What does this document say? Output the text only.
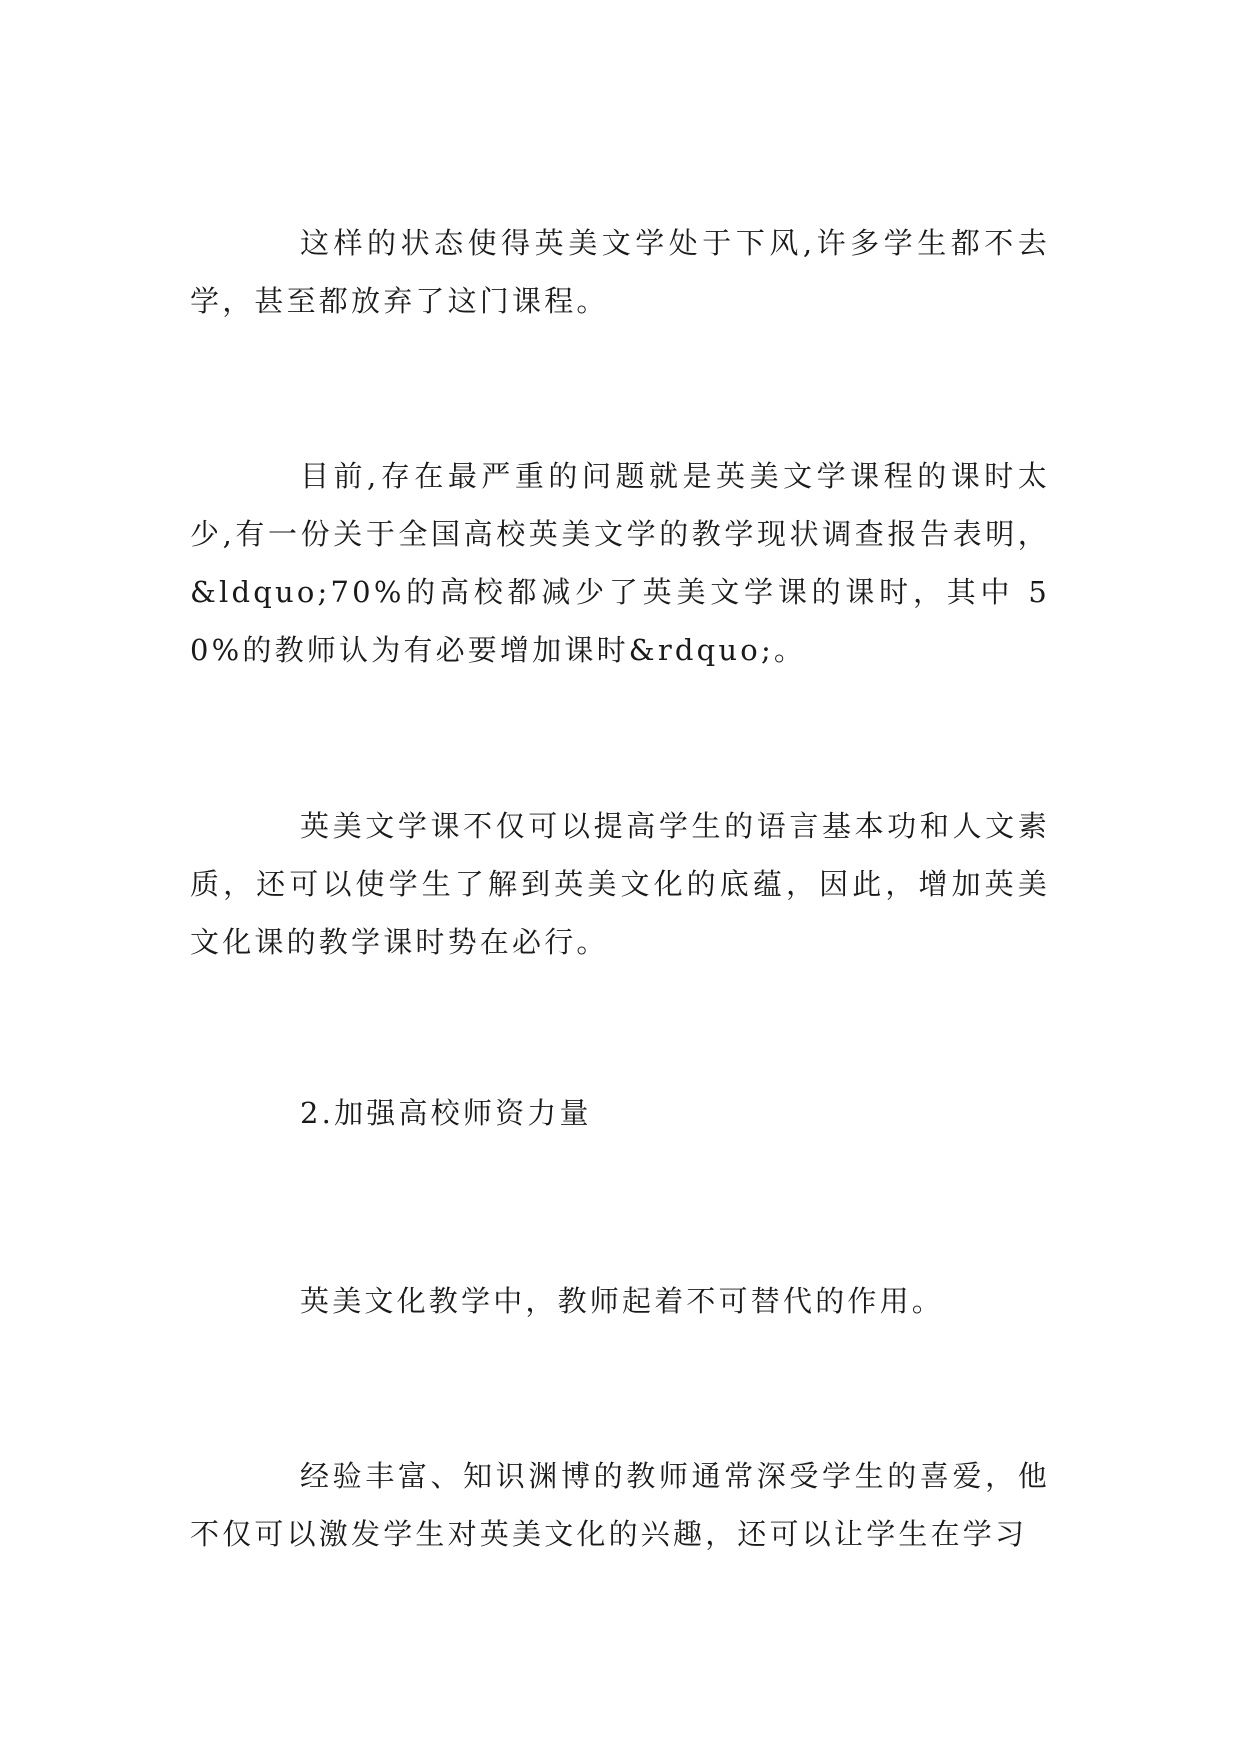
这样的状态使得英美文学处于下风,许多学生都不去学，甚至都放弃了这门课程。

目前,存在最严重的问题就是英美文学课程的课时太少,有一份关于全国高校英美文学的教学现状调查报告表明，&ldquo;70%的高校都减少了英美文学课的课时，其中 50%的教师认为有必要增加课时&rdquo;。

英美文学课不仅可以提高学生的语言基本功和人文素质，还可以使学生了解到英美文化的底蕴，因此，增加英美文化课的教学课时势在必行。

2.加强高校师资力量

英美文化教学中，教师起着不可替代的作用。

经验丰富、知识渊博的教师通常深受学生的喜爱，他不仅可以激发学生对英美文化的兴趣，还可以让学生在学习
